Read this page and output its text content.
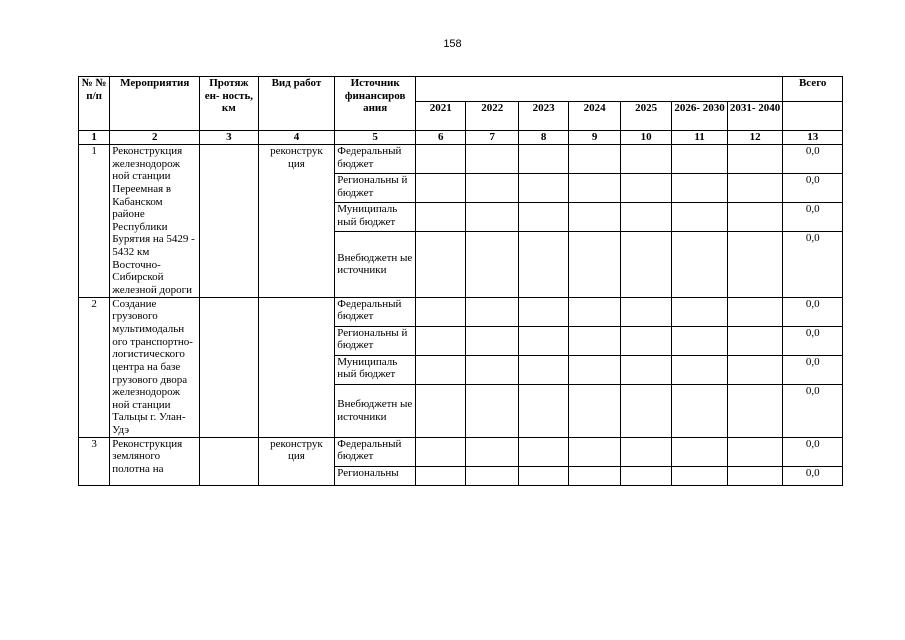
158
№ № п/п	Мероприятия	Протяж ен- ность, км	Вид работ	Источник финансиров ания								Всего
					2021	2022	2023	2024	2025	2026- 2030	2031- 2040	
1	2	3	4	5	6	7	8	9	10	11	12	13
1	Реконструкция железнодорож ной станции Переемная в Кабанском районе Республики Бурятия на 5429 - 5432 км Восточно- Сибирской железной дороги		реконструк ция	Федеральный бюджет								0,0
				Региональны й бюджет								0,0
				Муниципаль ный бюджет								0,0
				Внебюджетн ые источники								0,0
2	Создание грузового мультимодальн ого транспортно- логистического центра на базе грузового двора железнодорож ной станции Тальцы г. Улан-Удэ			Федеральный бюджет								0,0
				Региональны й бюджет								0,0
				Муниципаль ный бюджет								0,0
				Внебюджетн ые источники								0,0
3	Реконструкция земляного полотна на		реконструк ция	Федеральный бюджет								0,0
				Региональны								0,0
